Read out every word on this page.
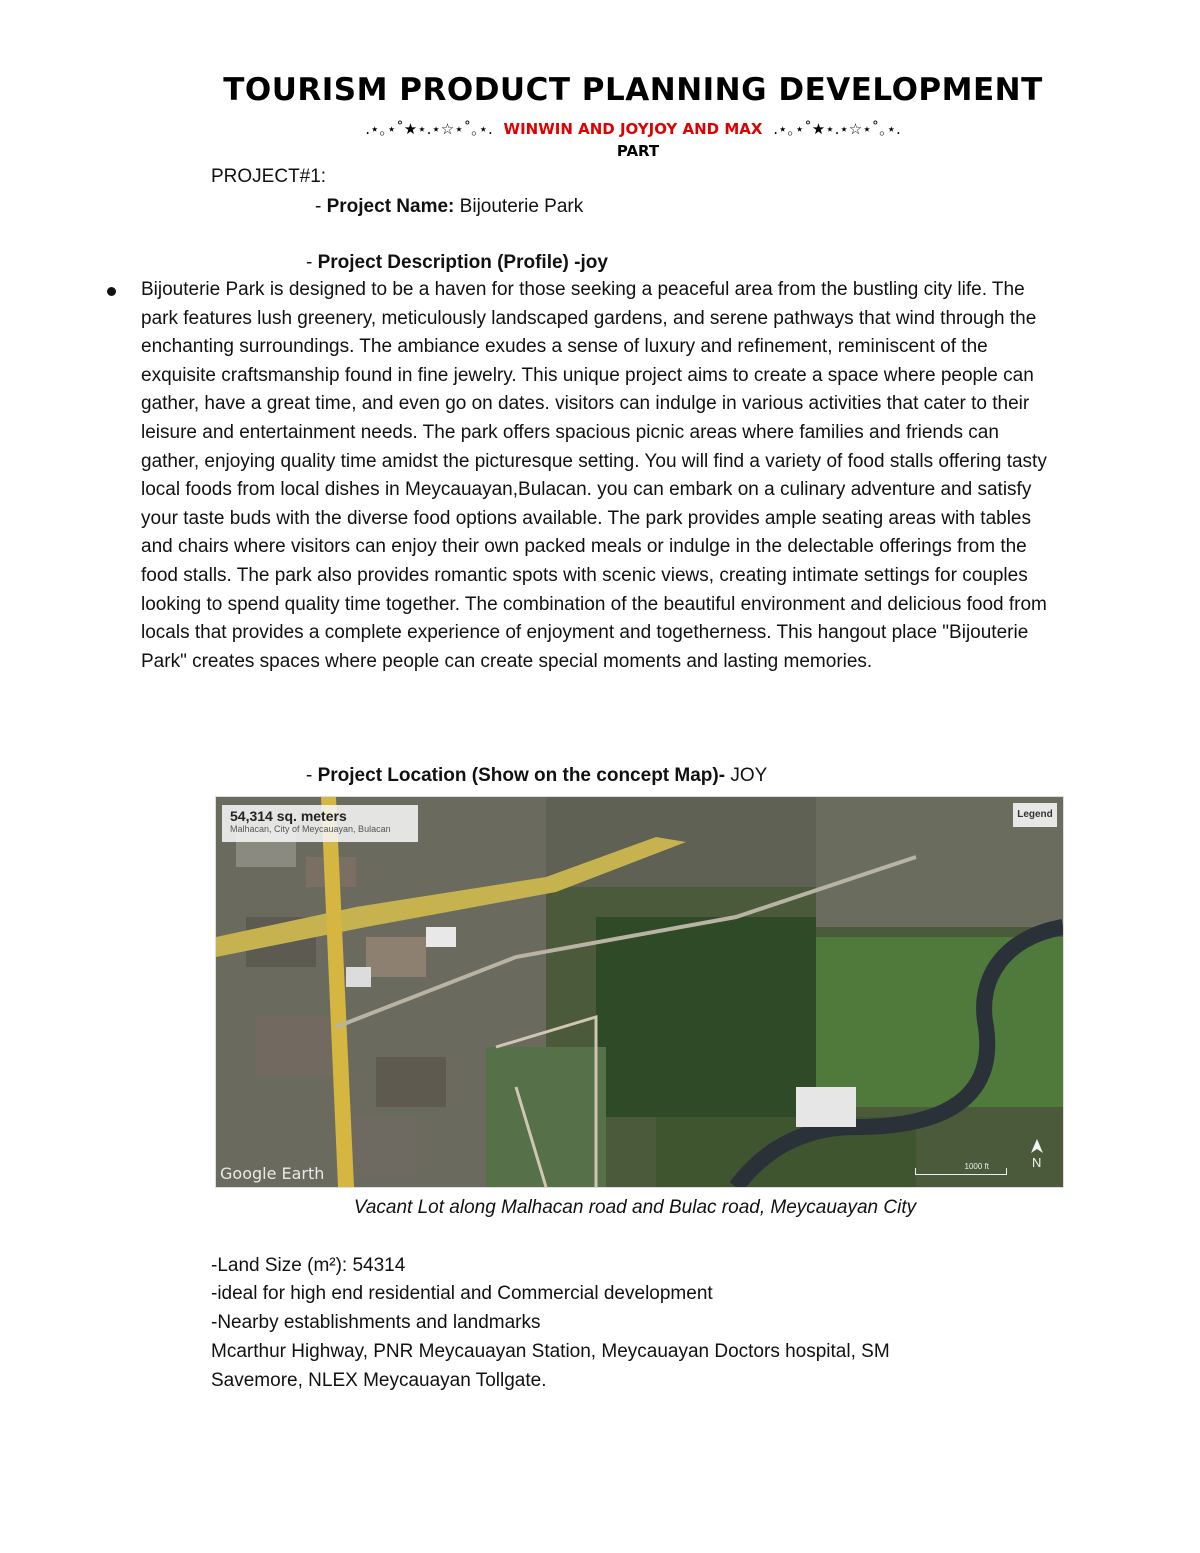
TOURISM PRODUCT PLANNING DEVELOPMENT
.⋆｡⋆˚★⋆.⋆☆⋆˚｡⋆. WINWIN AND JOYJOY AND MAX .⋆｡⋆˚★⋆.⋆☆⋆˚｡⋆.
PART
PROJECT#1:
- Project Name: Bijouterie Park
- Project Description (Profile) -joy

Bijouterie Park is designed to be a haven for those seeking a peaceful area from the bustling city life. The park features lush greenery, meticulously landscaped gardens, and serene pathways that wind through the enchanting surroundings. The ambiance exudes a sense of luxury and refinement, reminiscent of the exquisite craftsmanship found in fine jewelry. This unique project aims to create a space where people can gather, have a great time, and even go on dates. visitors can indulge in various activities that cater to their leisure and entertainment needs. The park offers spacious picnic areas where families and friends can gather, enjoying quality time amidst the picturesque setting. You will find a variety of food stalls offering tasty local foods from local dishes in Meycauayan,Bulacan. you can embark on a culinary adventure and satisfy your taste buds with the diverse food options available. The park provides ample seating areas with tables and chairs where visitors can enjoy their own packed meals or indulge in the delectable offerings from the food stalls. The park also provides romantic spots with scenic views, creating intimate settings for couples looking to spend quality time together. The combination of the beautiful environment and delicious food from locals that provides a complete experience of enjoyment and togetherness. This hangout place "Bijouterie Park" creates spaces where people can create special moments and lasting memories.

- Project Location (Show on the concept Map)- JOY
54,314 sq. meters
Malhacan, City of Meycauayan, Bulacan
Legend
Google Earth	1000 ft	N
Vacant Lot along Malhacan road and Bulac road, Meycauayan City
-Land Size (m²): 54314
-ideal for high end residential and Commercial development
-Nearby establishments and landmarks
Mcarthur Highway, PNR Meycauayan Station, Meycauayan Doctors hospital, SM
Savemore, NLEX Meycauayan Tollgate.
